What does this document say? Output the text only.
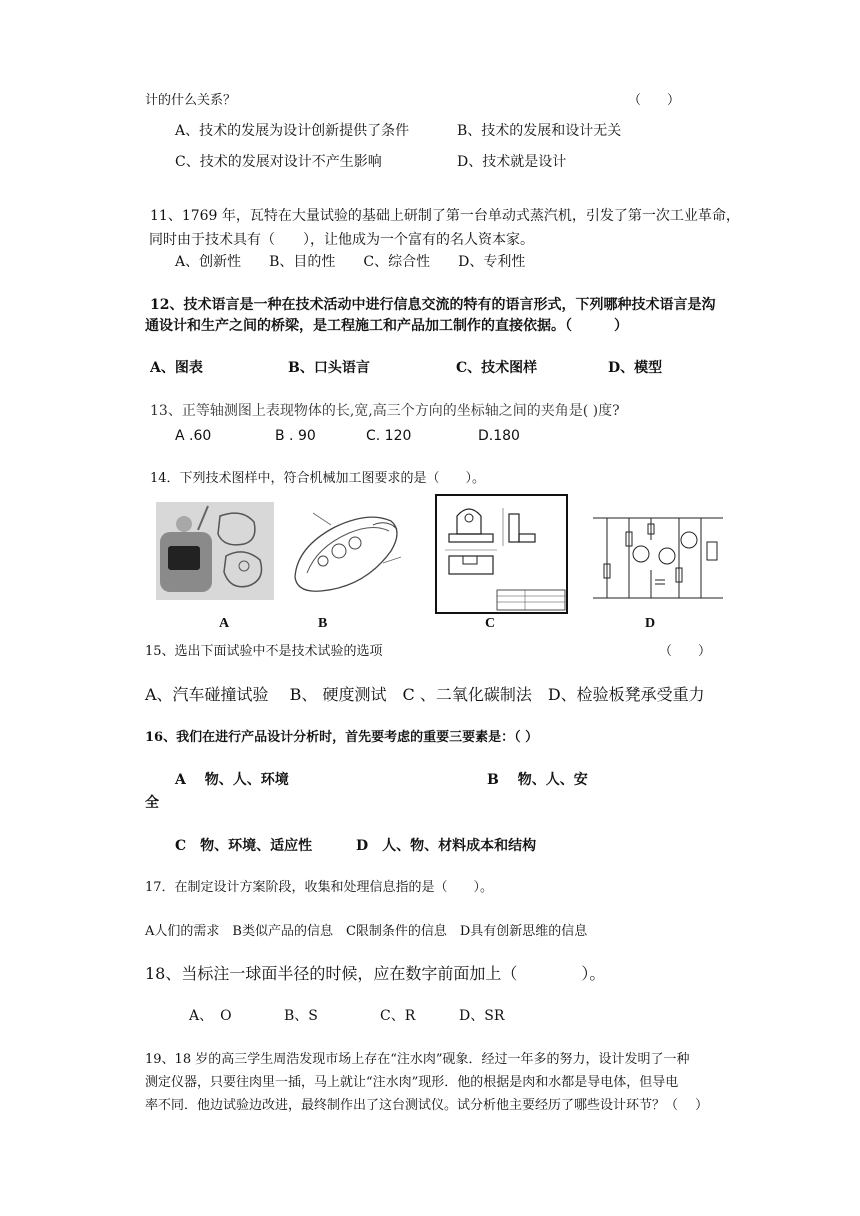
计的什么关系？	（　　）
A、技术的发展为设计创新提供了条件	B、技术的发展和设计无关
C、技术的发展对设计不产生影响	D、技术就是设计
11、1769 年，瓦特在大量试验的基础上研制了第一台单动式蒸汽机，引发了第一次工业革命，
同时由于技术具有（　　），让他成为一个富有的名人资本家。
A、创新性　　B、目的性　　C、综合性　　D、专利性
12、技术语言是一种在技术活动中进行信息交流的特有的语言形式，下列哪种技术语言是沟
通设计和生产之间的桥梁，是工程施工和产品加工制作的直接依据。（　　　）
A、图表	B、口头语言	C、技术图样	D、模型
13、正等轴测图上表现物体的长,宽,高三个方向的坐标轴之间的夹角是( )度?
A .60	B . 90	C. 120	D.180
14．下列技术图样中，符合机械加工图要求的是（　　）。
A	B	C	D
15、选出下面试验中不是技术试验的选项	（　　）
A、汽车碰撞试验　 B、 硬度测试　C 、二氧化碳制法　D、检验板凳承受重力
16、我们在进行产品设计分析时，首先要考虑的重要三要素是：（ ）
A　 物、人、环境	B　 物、人、安
全
C　物、环境、适应性	D　人、物、材料成本和结构
17．在制定设计方案阶段，收集和处理信息指的是（　　）。
A人们的需求　B类似产品的信息　C限制条件的信息　D具有创新思维的信息
18、当标注一球面半径的时候，应在数字前面加上（　　　　）。
A、　O	B、S	C、R	D、SR
19、18 岁的高三学生周浩发现市场上存在“注水肉”砚象．经过一年多的努力，设计发明了一种
测定仪器，只要往肉里一插，马上就让“注水肉”现形．他的根据是肉和水都是导电体，但导电
率不同．他边试验边改进，最终制作出了这台测试仪。试分析他主要经历了哪些设计环节？（　 ）
